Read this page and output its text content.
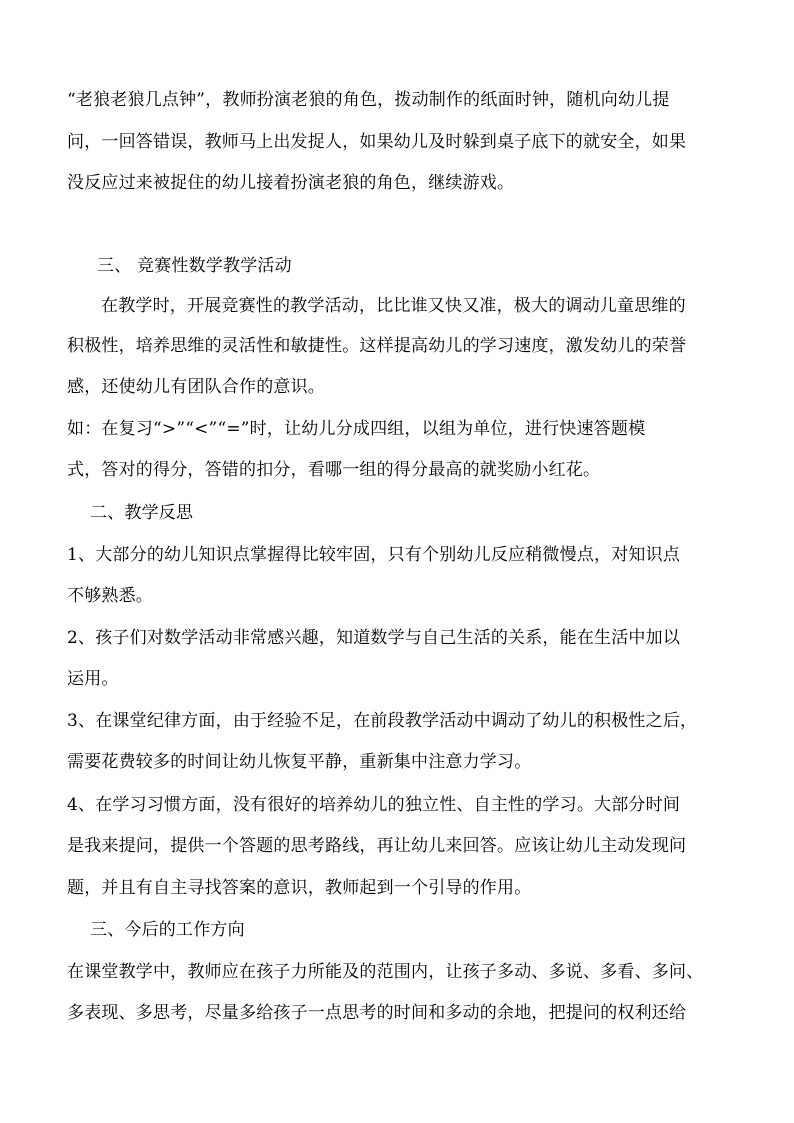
“老狼老狼几点钟”，教师扮演老狼的角色，拨动制作的纸面时钟，随机向幼儿提
问，一回答错误，教师马上出发捉人，如果幼儿及时躲到桌子底下的就安全，如果
没反应过来被捉住的幼儿接着扮演老狼的角色，继续游戏。
三、 竞赛性数学教学活动
在教学时，开展竞赛性的教学活动，比比谁又快又准，极大的调动儿童思维的
积极性，培养思维的灵活性和敏捷性。这样提高幼儿的学习速度，激发幼儿的荣誉
感，还使幼儿有团队合作的意识。
如：在复习“>”“<”“=”时，让幼儿分成四组，以组为单位，进行快速答题模
式，答对的得分，答错的扣分，看哪一组的得分最高的就奖励小红花。
二、教学反思
1、大部分的幼儿知识点掌握得比较牢固，只有个别幼儿反应稍微慢点，对知识点
不够熟悉。
2、孩子们对数学活动非常感兴趣，知道数学与自己生活的关系，能在生活中加以
运用。
3、在课堂纪律方面，由于经验不足，在前段教学活动中调动了幼儿的积极性之后，
需要花费较多的时间让幼儿恢复平静，重新集中注意力学习。
4、在学习习惯方面，没有很好的培养幼儿的独立性、自主性的学习。大部分时间
是我来提问，提供一个答题的思考路线，再让幼儿来回答。应该让幼儿主动发现问
题，并且有自主寻找答案的意识，教师起到一个引导的作用。
三、今后的工作方向
在课堂教学中，教师应在孩子力所能及的范围内，让孩子多动、多说、多看、多问、
多表现、多思考，尽量多给孩子一点思考的时间和多动的余地，把提问的权利还给
